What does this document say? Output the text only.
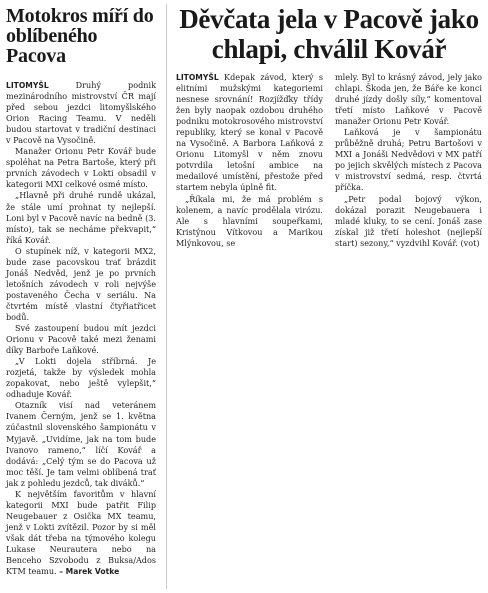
Motokros míří do oblíbeného Pacova

LITOMYŠL Druhý podnik mezinárodního mistrovství ČR mají před sebou jezdci litomyšlského Orion Racing Teamu. V neděli budou startovat v tradiční destinaci v Pacově na Vysočině.

Manažer Orionu Petr Kovář bude spoléhat na Petra Bartoše, který při prvních závodech v Lokti obsadil v kategorii MXI celkové osmé místo.

„Hlavně při druhé rundě ukázal, že stále umí prohnat ty nejlepší. Loni byl v Pacově navíc na bedně (3. místo), tak se necháme překvapit,“ říká Kovář.

O stupínek níž, v kategorii MX2, bude zase pacovskou trať brázdit Jonáš Nedvěd, jenž je po prvních letošních závodech v roli nejvýše postaveného Čecha v seriálu. Na čtvrtém místě vlastní čtyřiatřicet bodů.

Své zastoupení budou mít jezdci Orionu v Pacově také mezi ženami díky Barboře Laňkové.

„V Lokti dojela stříbrná. Je rozjetá, takže by výsledek mohla zopakovat, nebo ještě vylepšit,“ odhaduje Kovář.

Otazník visí nad veteránem Ivanem Černým, jenž se 1. května zúčastnil slovenského šampionátu v Myjavě. „Uvidíme, jak na tom bude Ivanovo rameno,“ líčí Kovář a dodává: „Celý tým se do Pacova už moc těší. Je tam velmi oblíbená trať jak z pohledu jezdců, tak diváků.“

K největším favoritům v hlavní kategorii MXI bude patřit Filip Neugebauer z Osička MX teamu, jenž v Lokti zvítězil. Pozor by si měl však dát třeba na týmového kolegu Lukase Neurautera nebo na Benceho Szvobodu z Buksa/Ados KTM teamu. – Marek Votke

Děvčata jela v Pacově jako chlapi, chválil Kovář

LITOMYŠL Kdepak závod, který s elitními mužskými kategoriemi nesnese srovnání! Rozjížďky třídy žen byly naopak ozdobou druhého podniku motokrosového mistrovství republiky, který se konal v Pacově na Vysočině. A Barbora Laňková z Orionu Litomyšl v něm znovu potvrdila letošní ambice na medailové umístění, přestože před startem nebyla úplně fit.

„Říkala mi, že má problém s kolenem, a navíc prodělala virózu. Ale s hlavními soupeřkami, Kristýnou Vítkovou a Marikou Mlýnkovou, se

mlely. Byl to krásný závod, jely jako chlapi. Škoda jen, že Báře ke konci druhé jízdy došly síly,“ komentoval třetí místo Laňkové v Pacově manažer Orionu Petr Kovář.

Laňková je v šampionátu průběžně druhá; Petru Bartošovi v MXI a Jonáši Nedvědovi v MX patří po jejich skvělých místech z Pacova v mistrovství sedmá, resp. čtvrtá příčka.

„Petr podal bojový výkon, dokázal porazit Neugebauera i mladé kluky, to se cení. Jonáš zase získal již třetí holeshot (nejlepší start) sezony,“ vyzdvihl Kovář. (vot)
